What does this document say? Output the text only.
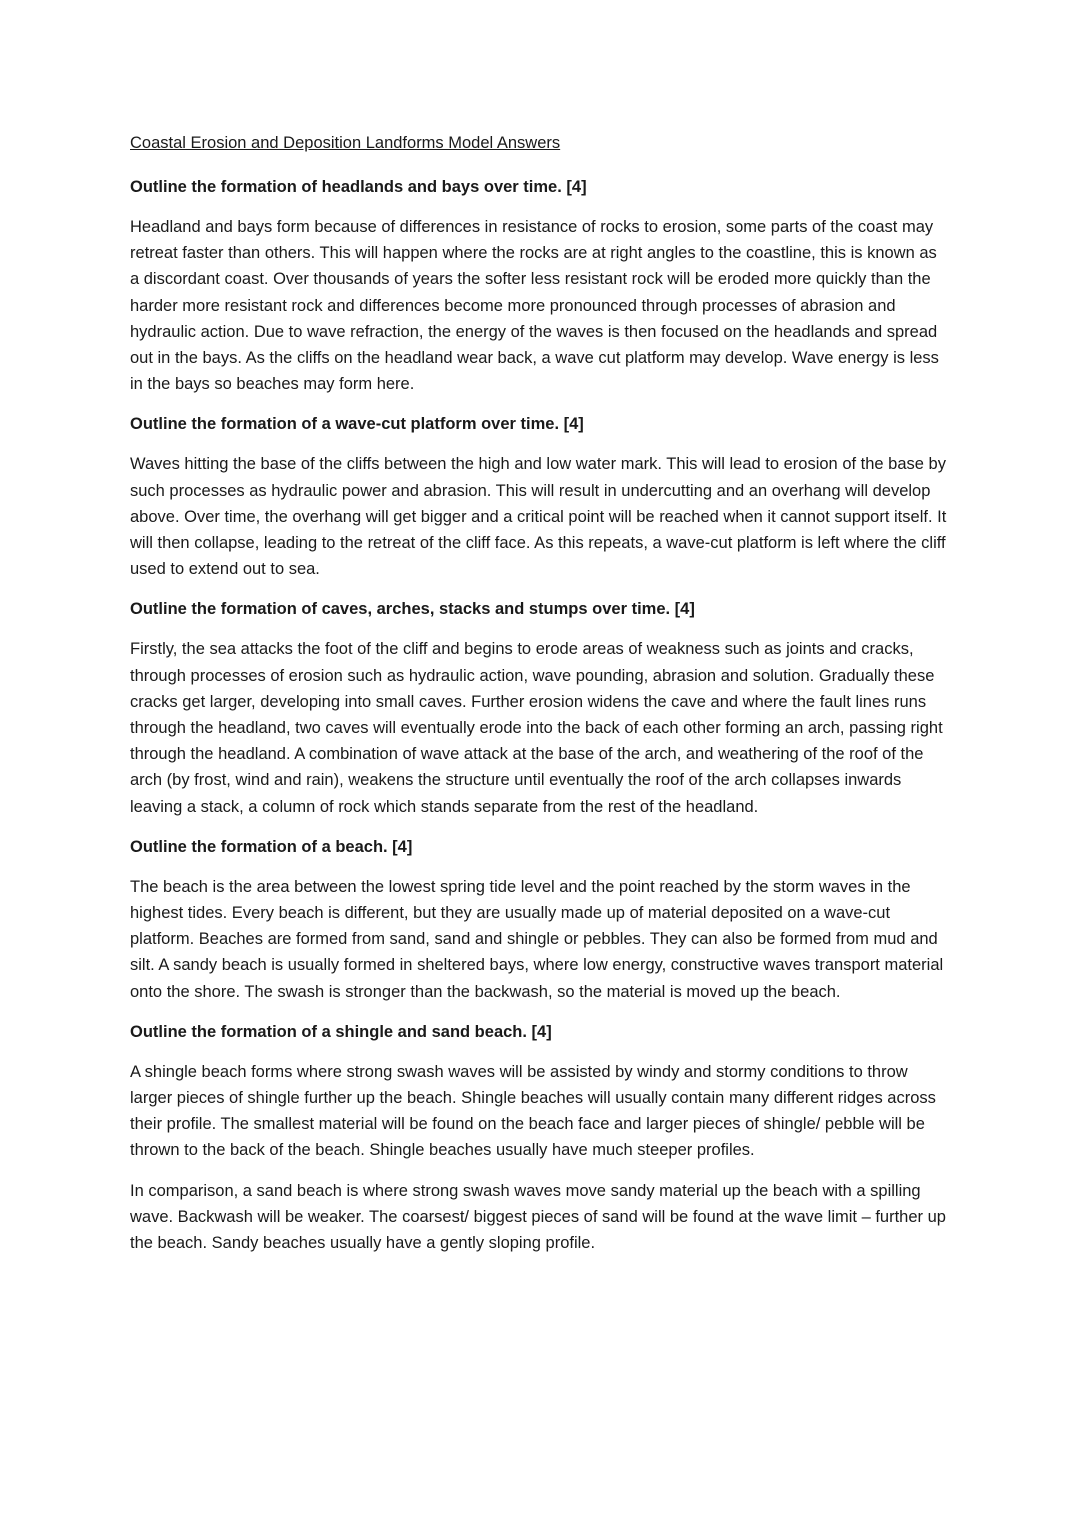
Coastal Erosion and Deposition Landforms Model Answers
Outline the formation of headlands and bays over time. [4]

Headland and bays form because of differences in resistance of rocks to erosion, some parts of the coast may retreat faster than others. This will happen where the rocks are at right angles to the coastline, this is known as a discordant coast. Over thousands of years the softer less resistant rock will be eroded more quickly than the harder more resistant rock and differences become more pronounced through processes of abrasion and hydraulic action. Due to wave refraction, the energy of the waves is then focused on the headlands and spread out in the bays. As the cliffs on the headland wear back, a wave cut platform may develop. Wave energy is less in the bays so beaches may form here.

Outline the formation of a wave-cut platform over time. [4]

Waves hitting the base of the cliffs between the high and low water mark. This will lead to erosion of the base by such processes as hydraulic power and abrasion. This will result in undercutting and an overhang will develop above. Over time, the overhang will get bigger and a critical point will be reached when it cannot support itself. It will then collapse, leading to the retreat of the cliff face. As this repeats, a wave-cut platform is left where the cliff used to extend out to sea.

Outline the formation of caves, arches, stacks and stumps over time. [4]

Firstly, the sea attacks the foot of the cliff and begins to erode areas of weakness such as joints and cracks, through processes of erosion such as hydraulic action, wave pounding, abrasion and solution. Gradually these cracks get larger, developing into small caves. Further erosion widens the cave and where the fault lines runs through the headland, two caves will eventually erode into the back of each other forming an arch, passing right through the headland. A combination of wave attack at the base of the arch, and weathering of the roof of the arch (by frost, wind and rain), weakens the structure until eventually the roof of the arch collapses inwards leaving a stack, a column of rock which stands separate from the rest of the headland.

Outline the formation of a beach. [4]

The beach is the area between the lowest spring tide level and the point reached by the storm waves in the highest tides. Every beach is different, but they are usually made up of material deposited on a wave-cut platform. Beaches are formed from sand, sand and shingle or pebbles. They can also be formed from mud and silt. A sandy beach is usually formed in sheltered bays, where low energy, constructive waves transport material onto the shore. The swash is stronger than the backwash, so the material is moved up the beach.

Outline the formation of a shingle and sand beach. [4]

A shingle beach forms where strong swash waves will be assisted by windy and stormy conditions to throw larger pieces of shingle further up the beach. Shingle beaches will usually contain many different ridges across their profile. The smallest material will be found on the beach face and larger pieces of shingle/ pebble will be thrown to the back of the beach. Shingle beaches usually have much steeper profiles.

In comparison, a sand beach is where strong swash waves move sandy material up the beach with a spilling wave. Backwash will be weaker. The coarsest/ biggest pieces of sand will be found at the wave limit – further up the beach. Sandy beaches usually have a gently sloping profile.
